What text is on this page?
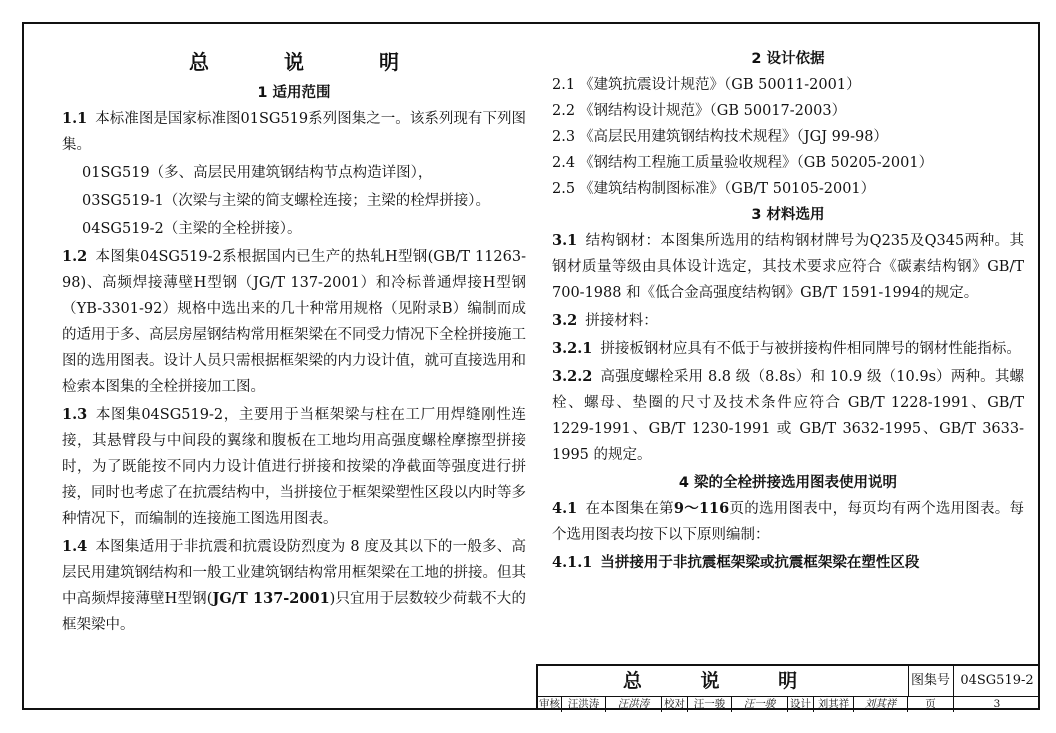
总 说 明
1 适用范围

1.1 本标准图是国家标准图01SG519系列图集之一。该系列现有下列图集。

01SG519（多、高层民用建筑钢结构节点构造详图），

03SG519-1（次梁与主梁的简支螺栓连接；主梁的栓焊拼接）。

04SG519-2（主梁的全栓拼接）。

1.2 本图集04SG519-2系根据国内已生产的热轧H型钢(GB/T 11263-98)、高频焊接薄壁H型钢（JG/T 137-2001）和冷标普通焊接H型钢（YB-3301-92）规格中选出来的几十种常用规格（见附录B）编制而成的适用于多、高层房屋钢结构常用框架梁在不同受力情况下全栓拼接施工图的选用图表。设计人员只需根据框架梁的内力设计值，就可直接选用和检索本图集的全栓拼接加工图。

1.3 本图集04SG519-2，主要用于当框架梁与柱在工厂用焊缝刚性连接，其悬臂段与中间段的翼缘和腹板在工地均用高强度螺栓摩擦型拼接时，为了既能按不同内力设计值进行拼接和按梁的净截面等强度进行拼接，同时也考虑了在抗震结构中，当拼接位于框架梁塑性区段以内时等多种情况下，而编制的连接施工图选用图表。

1.4 本图集适用于非抗震和抗震设防烈度为 8 度及其以下的一般多、高层民用建筑钢结构和一般工业建筑钢结构常用框架梁在工地的拼接。但其中高频焊接薄壁H型钢(JG/T 137-2001)只宜用于层数较少荷载不大的框架梁中。

2 设计依据

2.1 《建筑抗震设计规范》（GB 50011-2001）

2.2 《钢结构设计规范》（GB 50017-2003）

2.3 《高层民用建筑钢结构技术规程》（JGJ 99-98）

2.4 《钢结构工程施工质量验收规程》（GB 50205-2001）

2.5 《建筑结构制图标准》（GB/T 50105-2001）

3 材料选用

3.1 结构钢材：本图集所选用的结构钢材牌号为Q235及Q345两种。其钢材质量等级由具体设计选定，其技术要求应符合《碳素结构钢》GB/T 700-1988 和《低合金高强度结构钢》GB/T 1591-1994的规定。

3.2 拼接材料：

3.2.1 拼接板钢材应具有不低于与被拼接构件相同牌号的钢材性能指标。

3.2.2 高强度螺栓采用 8.8 级（8.8s）和 10.9 级（10.9s）两种。其螺栓、螺母、垫圈的尺寸及技术条件应符合 GB/T 1228-1991、GB/T 1229-1991、GB/T 1230-1991 或 GB/T 3632-1995、GB/T 3633-1995 的规定。

4 梁的全栓拼接选用图表使用说明

4.1 在本图集在第9～116页的选用图表中，每页均有两个选用图表。每个选用图表均按下以下原则编制：

4.1.1 当拼接用于非抗震框架梁或抗震框架梁在塑性区段

总 说 明	图集号 04SG519-2
审核 汪洪涛	汪洪涛	校对 汪一骏	汪一骏	设计 刘其祥	刘其祥	页	3
